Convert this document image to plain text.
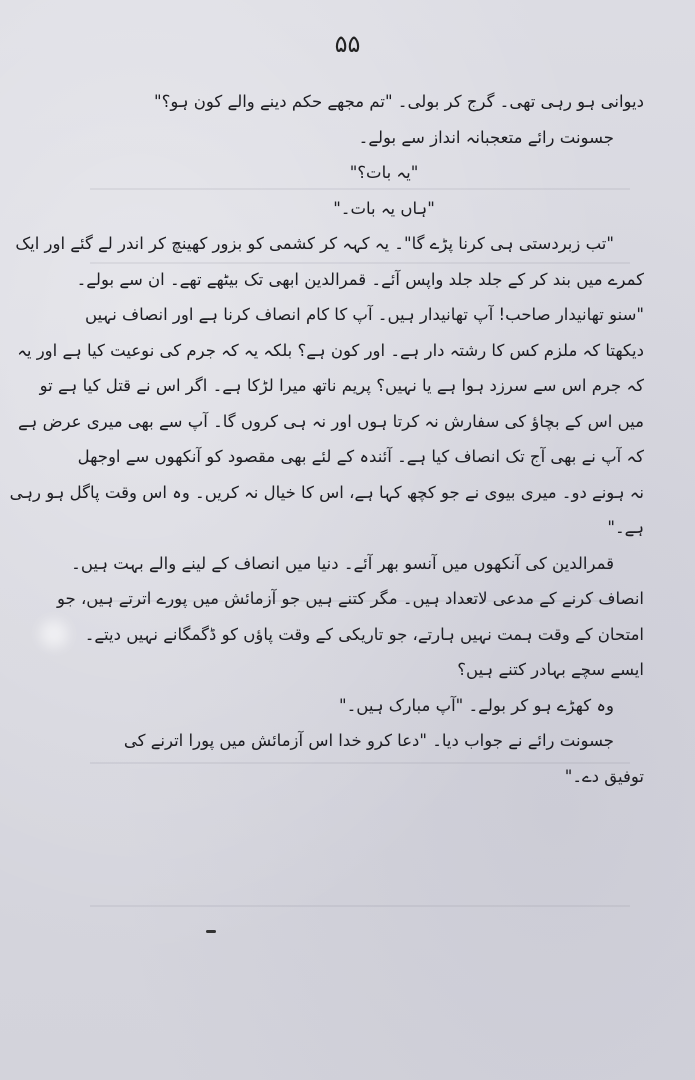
۵۵
دیوانی ہو رہی تھی۔ گرج کر بولی۔ "تم مجھے حکم دینے والے کون ہو؟"
جسونت رائے متعجبانہ انداز سے بولے۔
"یہ بات؟"
"ہاں یہ بات۔"
"تب زبردستی ہی کرنا پڑے گا"۔ یہ کہہ کر کشمی کو بزور کھینچ کر اندر لے گئے اور ایک
کمرے میں بند کر کے جلد جلد واپس آئے۔ قمرالدین ابھی تک بیٹھے تھے۔ ان سے بولے۔
"سنو تھانیدار صاحب! آپ تھانیدار ہیں۔ آپ کا کام انصاف کرنا ہے اور انصاف نہیں
دیکھتا کہ ملزم کس کا رشتہ دار ہے۔ اور کون ہے؟ بلکہ یہ کہ جرم کی نوعیت کیا ہے اور یہ
کہ جرم اس سے سرزد ہوا ہے یا نہیں؟ پریم ناتھ میرا لڑکا ہے۔ اگر اس نے قتل کیا ہے تو
میں اس کے بچاؤ کی سفارش نہ کرتا ہوں اور نہ ہی کروں گا۔ آپ سے بھی میری عرض ہے
کہ آپ نے بھی آج تک انصاف کیا ہے۔ آئندہ کے لئے بھی مقصود کو آنکھوں سے اوجھل
نہ ہونے دو۔ میری بیوی نے جو کچھ کہا ہے، اس کا خیال نہ کریں۔ وہ اس وقت پاگل ہو رہی
ہے۔"
قمرالدین کی آنکھوں میں آنسو بھر آئے۔ دنیا میں انصاف کے لینے والے بہت ہیں۔
انصاف کرنے کے مدعی لاتعداد ہیں۔ مگر کتنے ہیں جو آزمائش میں پورے اترتے ہیں، جو
امتحان کے وقت ہمت نہیں ہارتے، جو تاریکی کے وقت پاؤں کو ڈگمگانے نہیں دیتے۔
ایسے سچے بہادر کتنے ہیں؟
وہ کھڑے ہو کر بولے۔ "آپ مبارک ہیں۔"
جسونت رائے نے جواب دیا۔ "دعا کرو خدا اس آزمائش میں پورا اترنے کی
توفیق دے۔"
